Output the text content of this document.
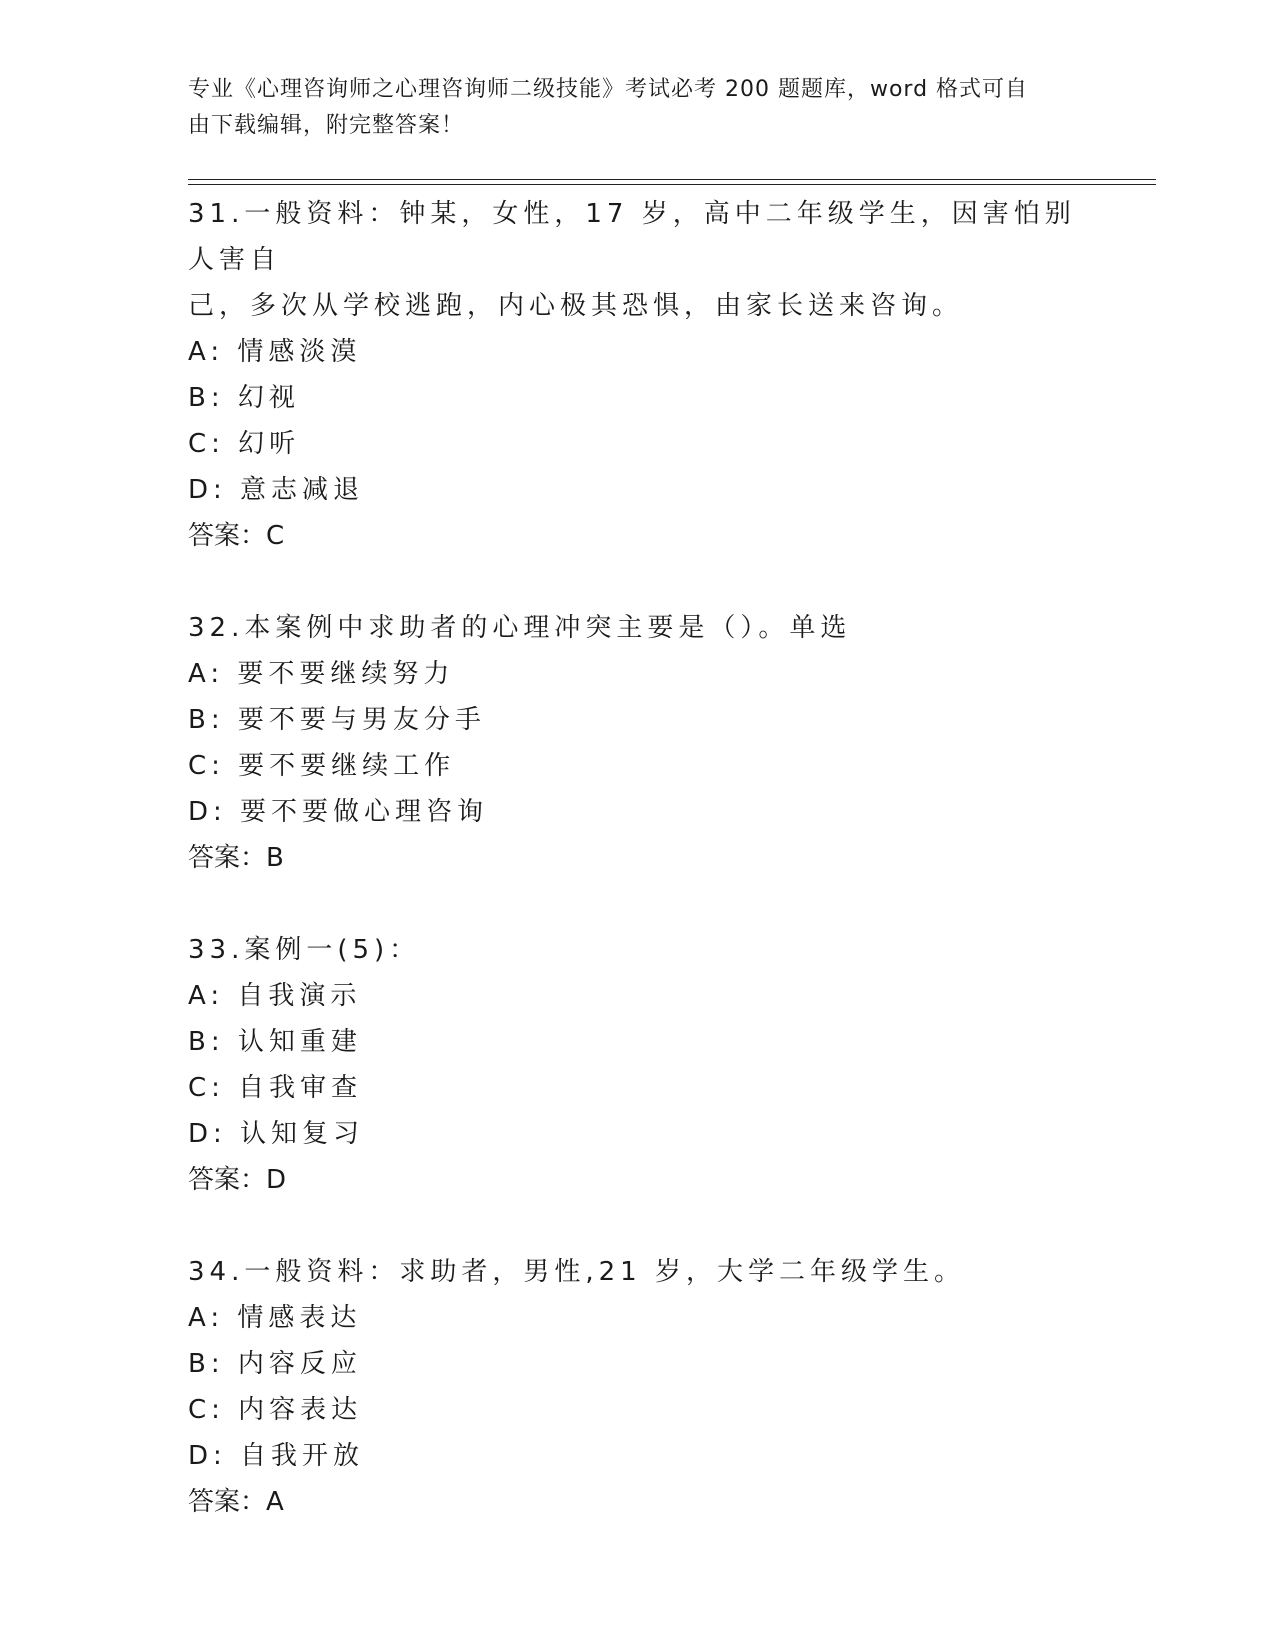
专业《心理咨询师之心理咨询师二级技能》考试必考 200 题题库，word 格式可自
由下载编辑，附完整答案！

31.一般资料：钟某，女性，17 岁，高中二年级学生，因害怕别人害自

己，多次从学校逃跑，内心极其恐惧，由家长送来咨询。

A: 情感淡漠

B: 幻视

C: 幻听

D: 意志减退

答案：C

32.本案例中求助者的心理冲突主要是（）。单选

A: 要不要继续努力

B: 要不要与男友分手

C: 要不要继续工作

D: 要不要做心理咨询

答案：B

33.案例一(5)：

A: 自我演示

B: 认知重建

C: 自我审查

D: 认知复习

答案：D

34.一般资料：求助者，男性,21 岁，大学二年级学生。

A: 情感表达

B: 内容反应

C: 内容表达

D: 自我开放

答案：A
